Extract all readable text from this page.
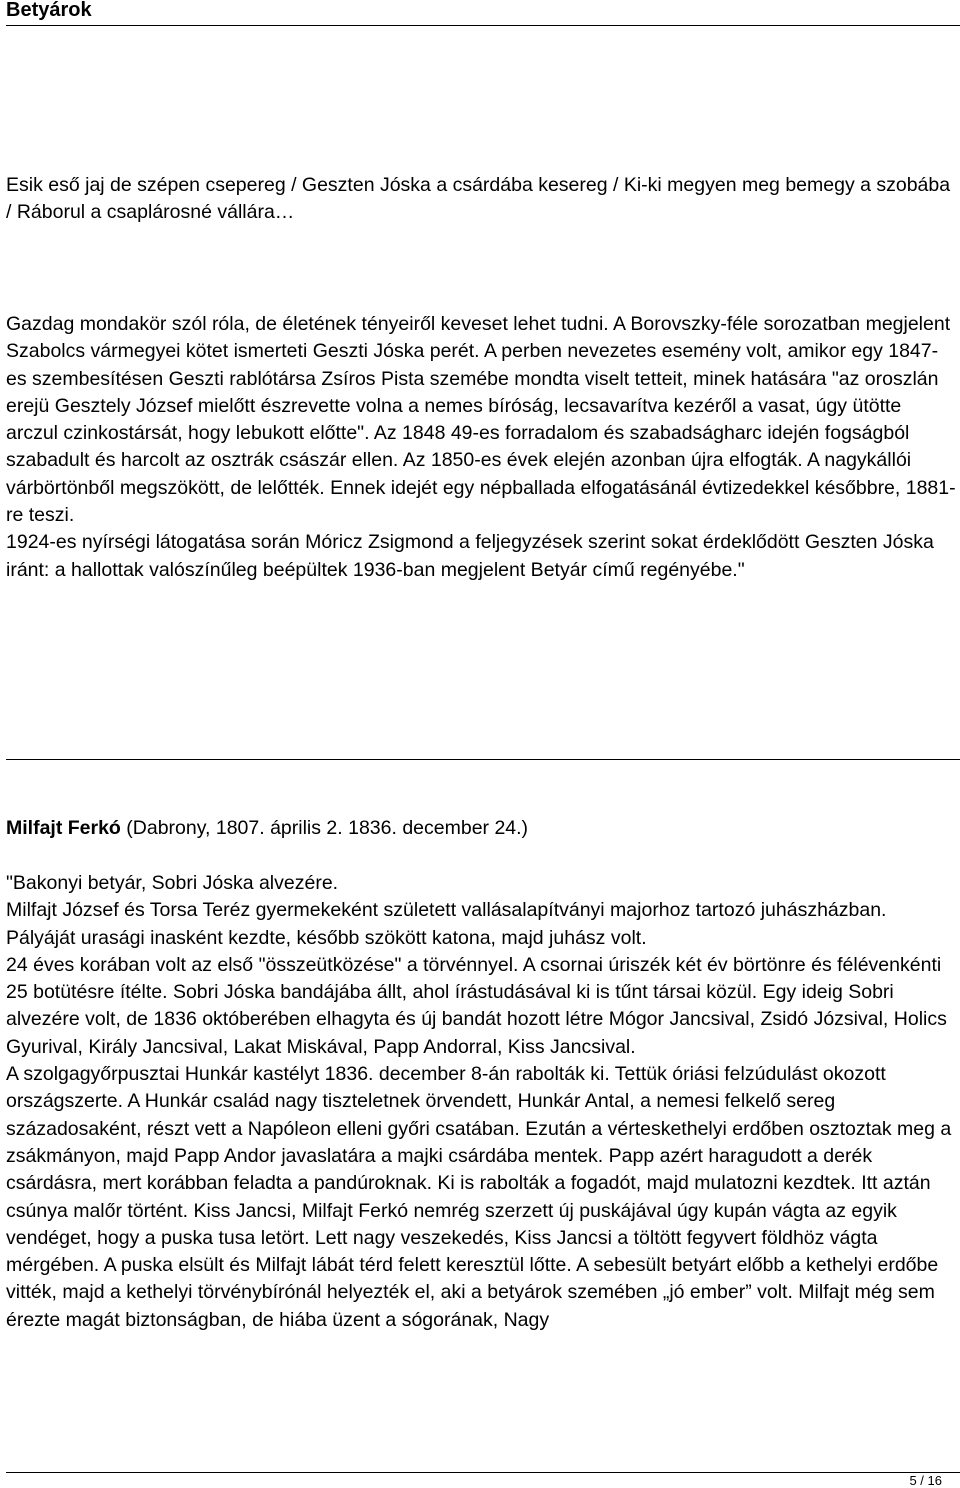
Betyárok

Esik eső jaj de szépen csepereg / Geszten Jóska a csárdába kesereg / Ki-ki megyen meg bemegy a szobába / Ráborul a csaplárosné vállára…

Gazdag mondakör szól róla, de életének tényeiről keveset lehet tudni. A Borovszky-féle sorozatban megjelent Szabolcs vármegyei kötet ismerteti Geszti Jóska perét. A perben nevezetes esemény volt, amikor egy 1847-es szembesítésen Geszti rablótársa Zsíros Pista szemébe mondta viselt tetteit, minek hatására "az oroszlán erejü Gesztely József mielőtt észrevette volna a nemes bíróság, lecsavarítva kezéről a vasat, úgy ütötte arczul czinkostársát, hogy lebukott előtte". Az 1848 49-es forradalom és szabadságharc idején fogságból szabadult és harcolt az osztrák császár ellen. Az 1850-es évek elején azonban újra elfogták. A nagykállói várbörtönből megszökött, de lelőtték. Ennek idejét egy népballada elfogatásánál évtizedekkel későbbre, 1881-re teszi.

1924-es nyírségi látogatása során Móricz Zsigmond a feljegyzések szerint sokat érdeklődött Geszten Jóska iránt: a hallottak valószínűleg beépültek 1936-ban megjelent Betyár című regényébe."

Milfajt Ferkó (Dabrony, 1807. április 2. 1836. december 24.)

"Bakonyi betyár, Sobri Jóska alvezére.

Milfajt József és Torsa Teréz gyermekeként született vallásalapítványi majorhoz tartozó juhászházban. Pályáját urasági inasként kezdte, később szökött katona, majd juhász volt.

24 éves korában volt az első "összeütközése" a törvénnyel. A csornai úriszék két év börtönre és félévenkénti 25 botütésre ítélte. Sobri Jóska bandájába állt, ahol írástudásával ki is tűnt társai közül. Egy ideig Sobri alvezére volt, de 1836 októberében elhagyta és új bandát hozott létre Mógor Jancsival, Zsidó Józsival, Holics Gyurival, Király Jancsival, Lakat Miskával, Papp Andorral, Kiss Jancsival.

A szolgagyőrpusztai Hunkár kastélyt 1836. december 8-án rabolták ki. Tettük óriási felzúdulást okozott országszerte. A Hunkár család nagy tiszteletnek örvendett, Hunkár Antal, a nemesi felkelő sereg századosaként, részt vett a Napóleon elleni győri csatában. Ezután a vérteskethelyi erdőben osztoztak meg a zsákmányon, majd Papp Andor javaslatára a majki csárdába mentek. Papp azért haragudott a derék csárdásra, mert korábban feladta a pandúroknak. Ki is rabolták a fogadót, majd mulatozni kezdtek. Itt aztán csúnya malőr történt. Kiss Jancsi, Milfajt Ferkó nemrég szerzett új puskájával úgy kupán vágta az egyik vendéget, hogy a puska tusa letört. Lett nagy veszekedés, Kiss Jancsi a töltött fegyvert földhöz vágta mérgében. A puska elsült és Milfajt lábát térd felett keresztül lőtte. A sebesült betyárt előbb a kethelyi erdőbe vitték, majd a kethelyi törvénybírónál helyezték el, aki a betyárok szemében „jó ember” volt. Milfajt még sem érezte magát biztonságban, de hiába üzent a sógorának, Nagy

5 / 16
